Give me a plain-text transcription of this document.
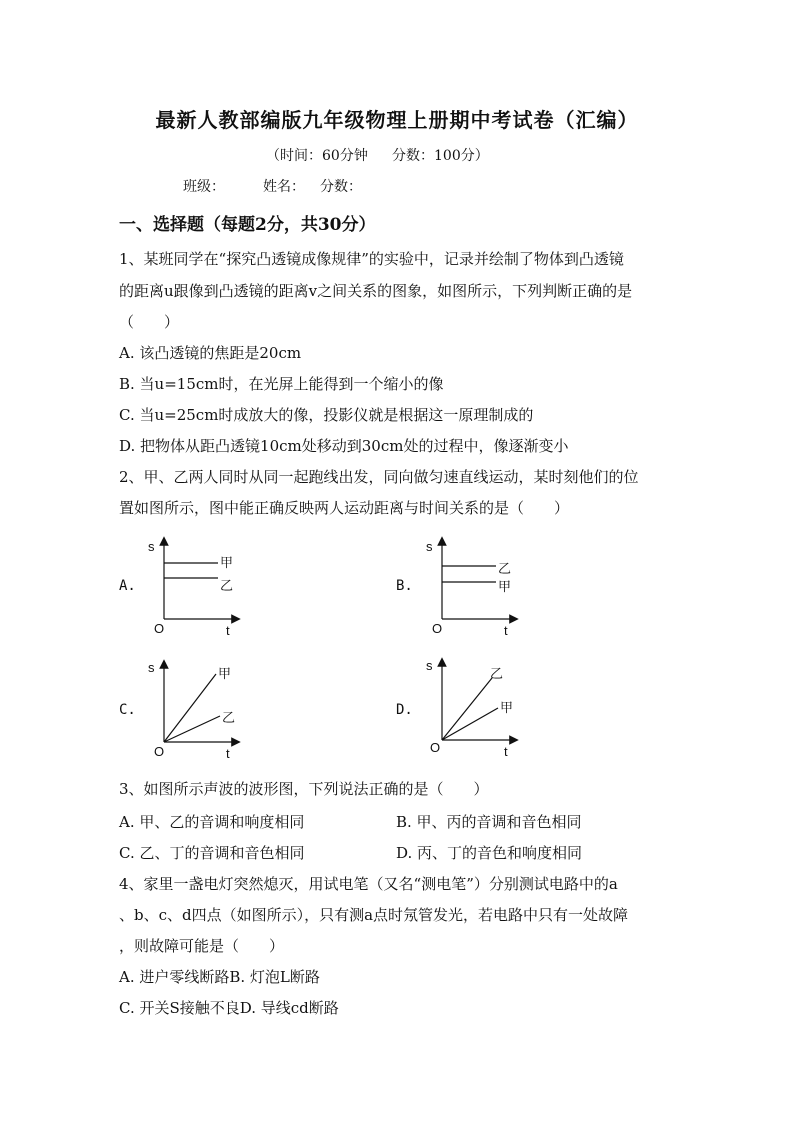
最新人教部编版九年级物理上册期中考试卷（汇编）
（时间：60分钟 分数：100分）
班级：	姓名： 分数：
一、选择题（每题2分，共30分）
1、某班同学在“探究凸透镜成像规律”的实验中，记录并绘制了物体到凸透镜
的距离u跟像到凸透镜的距离v之间关系的图象，如图所示，下列判断正确的是
（　　）
A. 该凸透镜的焦距是20cm
B. 当u=15cm时，在光屏上能得到一个缩小的像
C. 当u=25cm时成放大的像，投影仪就是根据这一原理制成的
D. 把物体从距凸透镜10cm处移动到30cm处的过程中，像逐渐变小
2、甲、乙两人同时从同一起跑线出发，同向做匀速直线运动，某时刻他们的位
置如图所示，图中能正确反映两人运动距离与时间关系的是（　　）
A.
s
t
O
甲
乙	B.
s
t
O
乙
甲
C.
s
t
O
甲
乙
D.
s
t
O
乙
甲
3、如图所示声波的波形图，下列说法正确的是（　　）
A. 甲、乙的音调和响度相同	B. 甲、丙的音调和音色相同
C. 乙、丁的音调和音色相同	D. 丙、丁的音色和响度相同
4、家里一盏电灯突然熄灭，用试电笔（又名“测电笔”）分别测试电路中的a
、b、c、d四点（如图所示），只有测a点时氖管发光，若电路中只有一处故障
，则故障可能是（　　）
A. 进户零线断路B. 灯泡L断路
C. 开关S接触不良D. 导线cd断路
